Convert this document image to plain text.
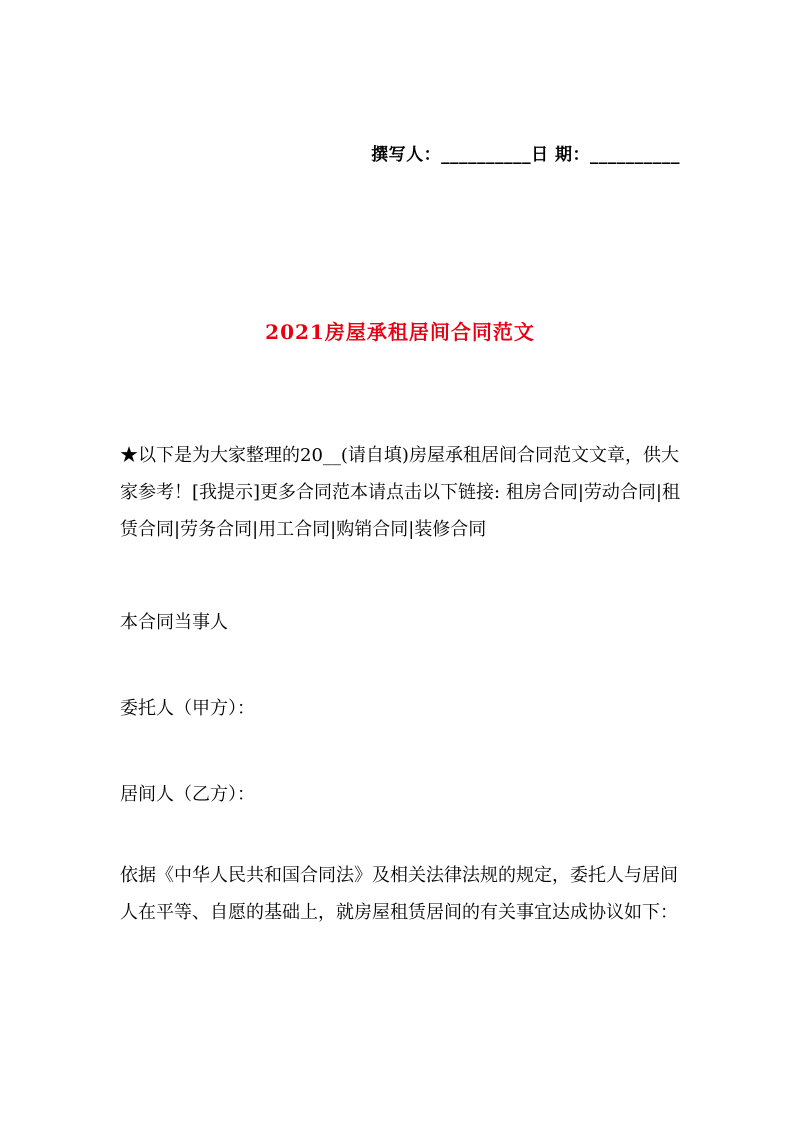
撰写人：__________日 期：__________
2021房屋承租居间合同范文
★以下是为大家整理的20__(请自填)房屋承租居间合同范文文章，供大家参考！[我提示]更多合同范本请点击以下链接: 租房合同|劳动合同|租赁合同|劳务合同|用工合同|购销合同|装修合同
本合同当事人
委托人（甲方）：
居间人（乙方）：
依据《中华人民共和国合同法》及相关法律法规的规定，委托人与居间人在平等、自愿的基础上，就房屋租赁居间的有关事宜达成协议如下：
